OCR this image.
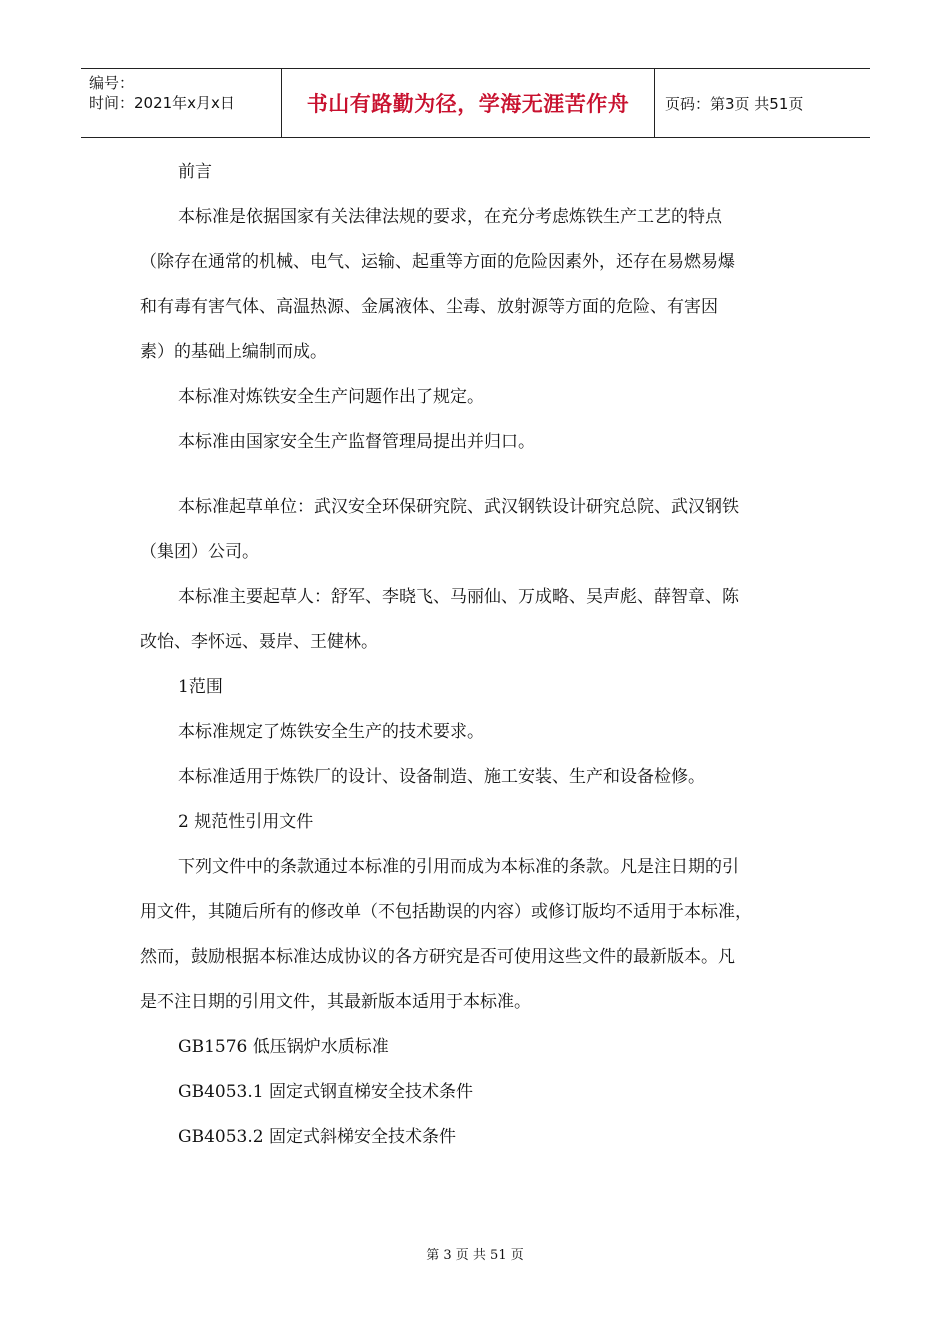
编号：
时间：2021年x月x日	书山有路勤为径，学海无涯苦作舟	页码：第3页 共51页

前言

本标准是依据国家有关法律法规的要求，在充分考虑炼铁生产工艺的特点

（除存在通常的机械、电气、运输、起重等方面的危险因素外，还存在易燃易爆

和有毒有害气体、高温热源、金属液体、尘毒、放射源等方面的危险、有害因

素）的基础上编制而成。

本标准对炼铁安全生产问题作出了规定。

本标准由国家安全生产监督管理局提出并归口。

本标准起草单位：武汉安全环保研究院、武汉钢铁设计研究总院、武汉钢铁

（集团）公司。

本标准主要起草人：舒军、李晓飞、马丽仙、万成略、吴声彪、薛智章、陈

改怡、李怀远、聂岸、王健林。

1范围

本标准规定了炼铁安全生产的技术要求。

本标准适用于炼铁厂的设计、设备制造、施工安装、生产和设备检修。

2 规范性引用文件

下列文件中的条款通过本标准的引用而成为本标准的条款。凡是注日期的引

用文件，其随后所有的修改单（不包括勘误的内容）或修订版均不适用于本标准，

然而，鼓励根据本标准达成协议的各方研究是否可使用这些文件的最新版本。凡

是不注日期的引用文件，其最新版本适用于本标准。

GB1576 低压锅炉水质标准

GB4053.1 固定式钢直梯安全技术条件

GB4053.2 固定式斜梯安全技术条件

第 3 页 共 51 页
